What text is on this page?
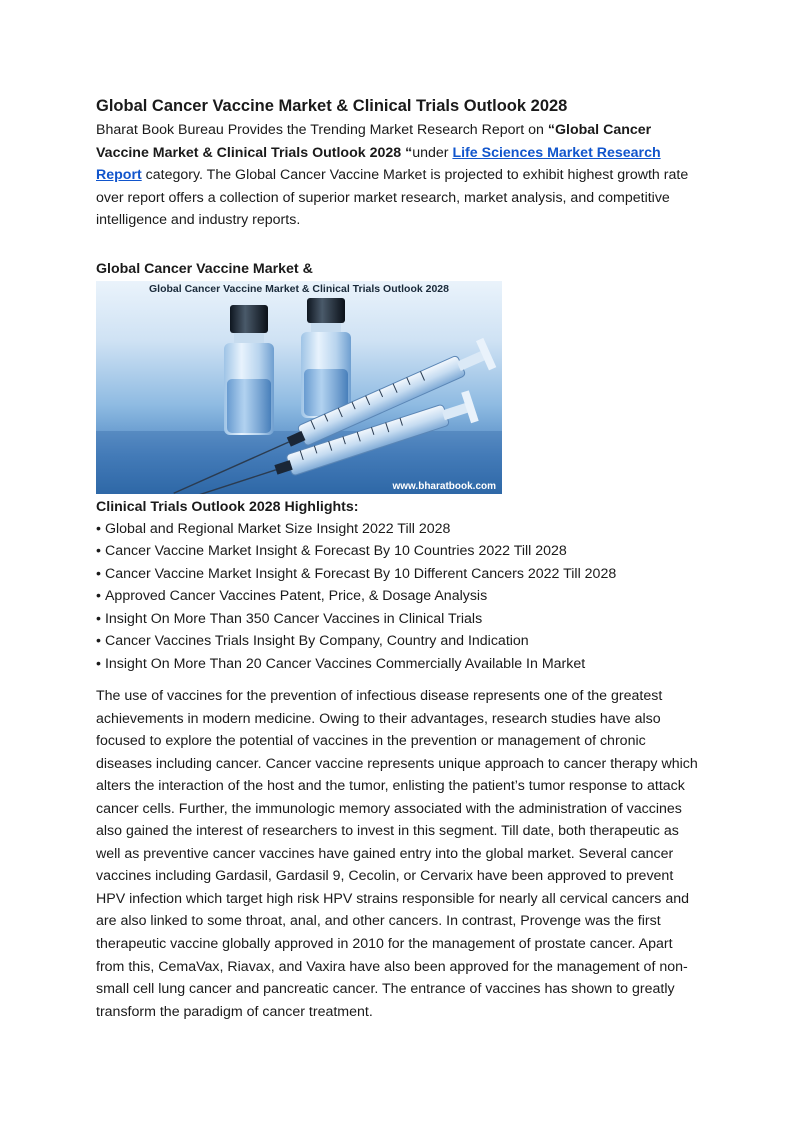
Global Cancer Vaccine Market & Clinical Trials Outlook 2028

Bharat Book Bureau Provides the Trending Market Research Report on “Global Cancer Vaccine Market & Clinical Trials Outlook 2028 “under Life Sciences Market Research Report category. The Global Cancer Vaccine Market is projected to exhibit highest growth rate over report offers a collection of superior market research, market analysis, and competitive intelligence and industry reports.

Global Cancer Vaccine Market &
Global Cancer Vaccine Market & Clinical Trials Outlook 2028
www.bharatbook.com
Clinical Trials Outlook 2028 Highlights:
• Global and Regional Market Size Insight 2022 Till 2028
• Cancer Vaccine Market Insight & Forecast By 10 Countries 2022 Till 2028
• Cancer Vaccine Market Insight & Forecast By 10 Different Cancers 2022 Till 2028
• Approved Cancer Vaccines Patent, Price, & Dosage Analysis
• Insight On More Than 350 Cancer Vaccines in Clinical Trials
• Cancer Vaccines Trials Insight By Company, Country and Indication
• Insight On More Than 20 Cancer Vaccines Commercially Available In Market

The use of vaccines for the prevention of infectious disease represents one of the greatest achievements in modern medicine. Owing to their advantages, research studies have also focused to explore the potential of vaccines in the prevention or management of chronic diseases including cancer. Cancer vaccine represents unique approach to cancer therapy which alters the interaction of the host and the tumor, enlisting the patient’s tumor response to attack cancer cells. Further, the immunologic memory associated with the administration of vaccines also gained the interest of researchers to invest in this segment. Till date, both therapeutic as well as preventive cancer vaccines have gained entry into the global market. Several cancer vaccines including Gardasil, Gardasil 9, Cecolin, or Cervarix have been approved to prevent HPV infection which target high risk HPV strains responsible for nearly all cervical cancers and are also linked to some throat, anal, and other cancers. In contrast, Provenge was the first therapeutic vaccine globally approved in 2010 for the management of prostate cancer. Apart from this, CemaVax, Riavax, and Vaxira have also been approved for the management of non-small cell lung cancer and pancreatic cancer. The entrance of vaccines has shown to greatly transform the paradigm of cancer treatment.
